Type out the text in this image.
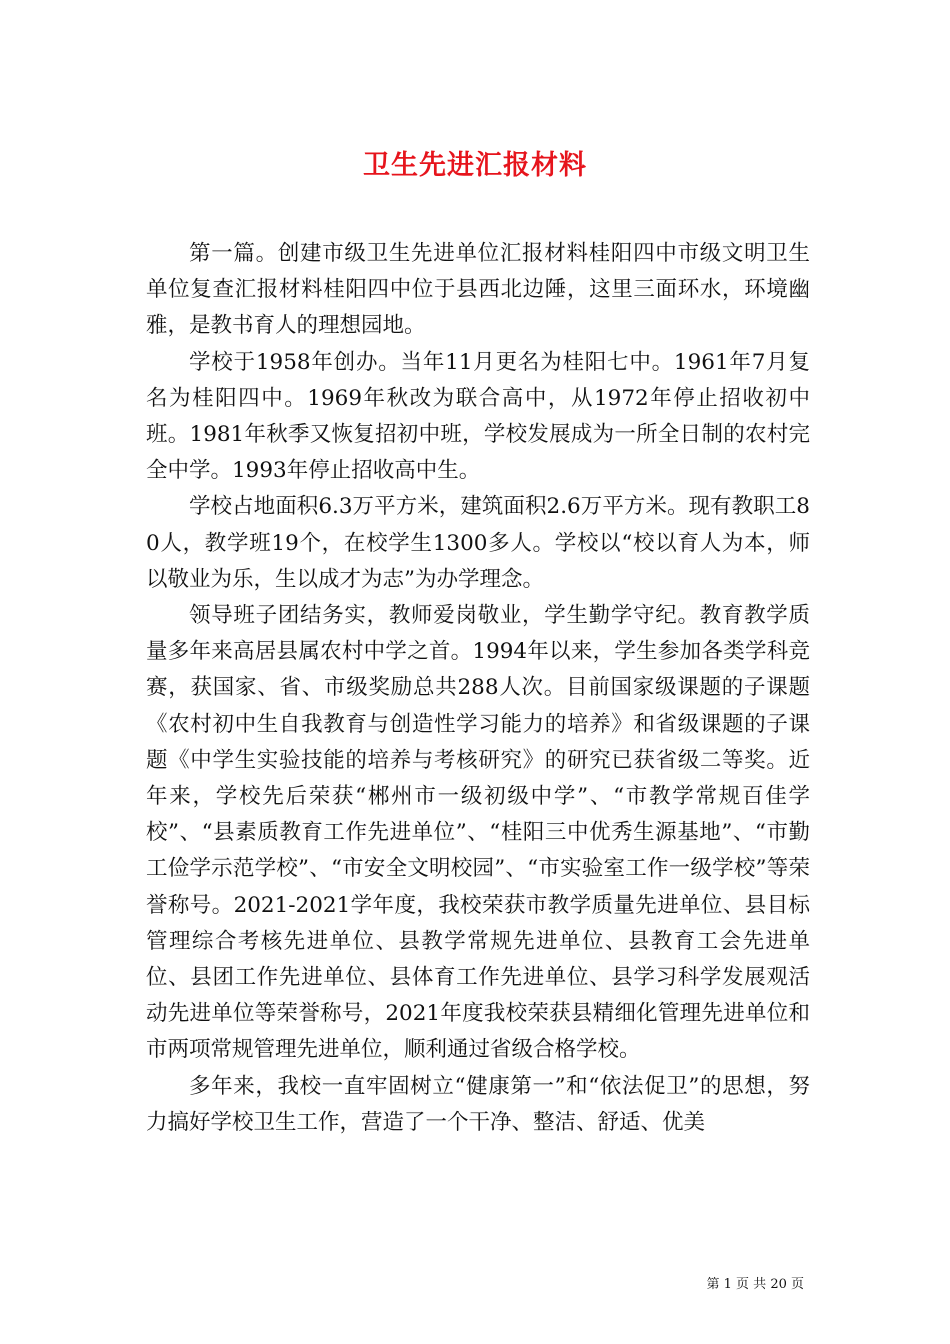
卫生先进汇报材料

第一篇。创建市级卫生先进单位汇报材料桂阳四中市级文明卫生单位复查汇报材料桂阳四中位于县西北边陲，这里三面环水，环境幽雅，是教书育人的理想园地。

学校于1958年创办。当年11月更名为桂阳七中。1961年7月复名为桂阳四中。1969年秋改为联合高中，从1972年停止招收初中班。1981年秋季又恢复招初中班，学校发展成为一所全日制的农村完全中学。1993年停止招收高中生。

学校占地面积6.3万平方米，建筑面积2.6万平方米。现有教职工80人，教学班19个，在校学生1300多人。学校以“校以育人为本，师以敬业为乐，生以成才为志”为办学理念。

领导班子团结务实，教师爱岗敬业，学生勤学守纪。教育教学质量多年来高居县属农村中学之首。1994年以来，学生参加各类学科竞赛，获国家、省、市级奖励总共288人次。目前国家级课题的子课题《农村初中生自我教育与创造性学习能力的培养》和省级课题的子课题《中学生实验技能的培养与考核研究》的研究已获省级二等奖。近年来，学校先后荣获“郴州市一级初级中学”、“市教学常规百佳学校”、“县素质教育工作先进单位”、“桂阳三中优秀生源基地”、“市勤工俭学示范学校”、“市安全文明校园”、“市实验室工作一级学校”等荣誉称号。2021-2021学年度，我校荣获市教学质量先进单位、县目标管理综合考核先进单位、县教学常规先进单位、县教育工会先进单位、县团工作先进单位、县体育工作先进单位、县学习科学发展观活动先进单位等荣誉称号，2021年度我校荣获县精细化管理先进单位和市两项常规管理先进单位，顺利通过省级合格学校。

多年来，我校一直牢固树立“健康第一”和“依法促卫”的思想，努力搞好学校卫生工作，营造了一个干净、整洁、舒适、优美

第 1 页 共 20 页
